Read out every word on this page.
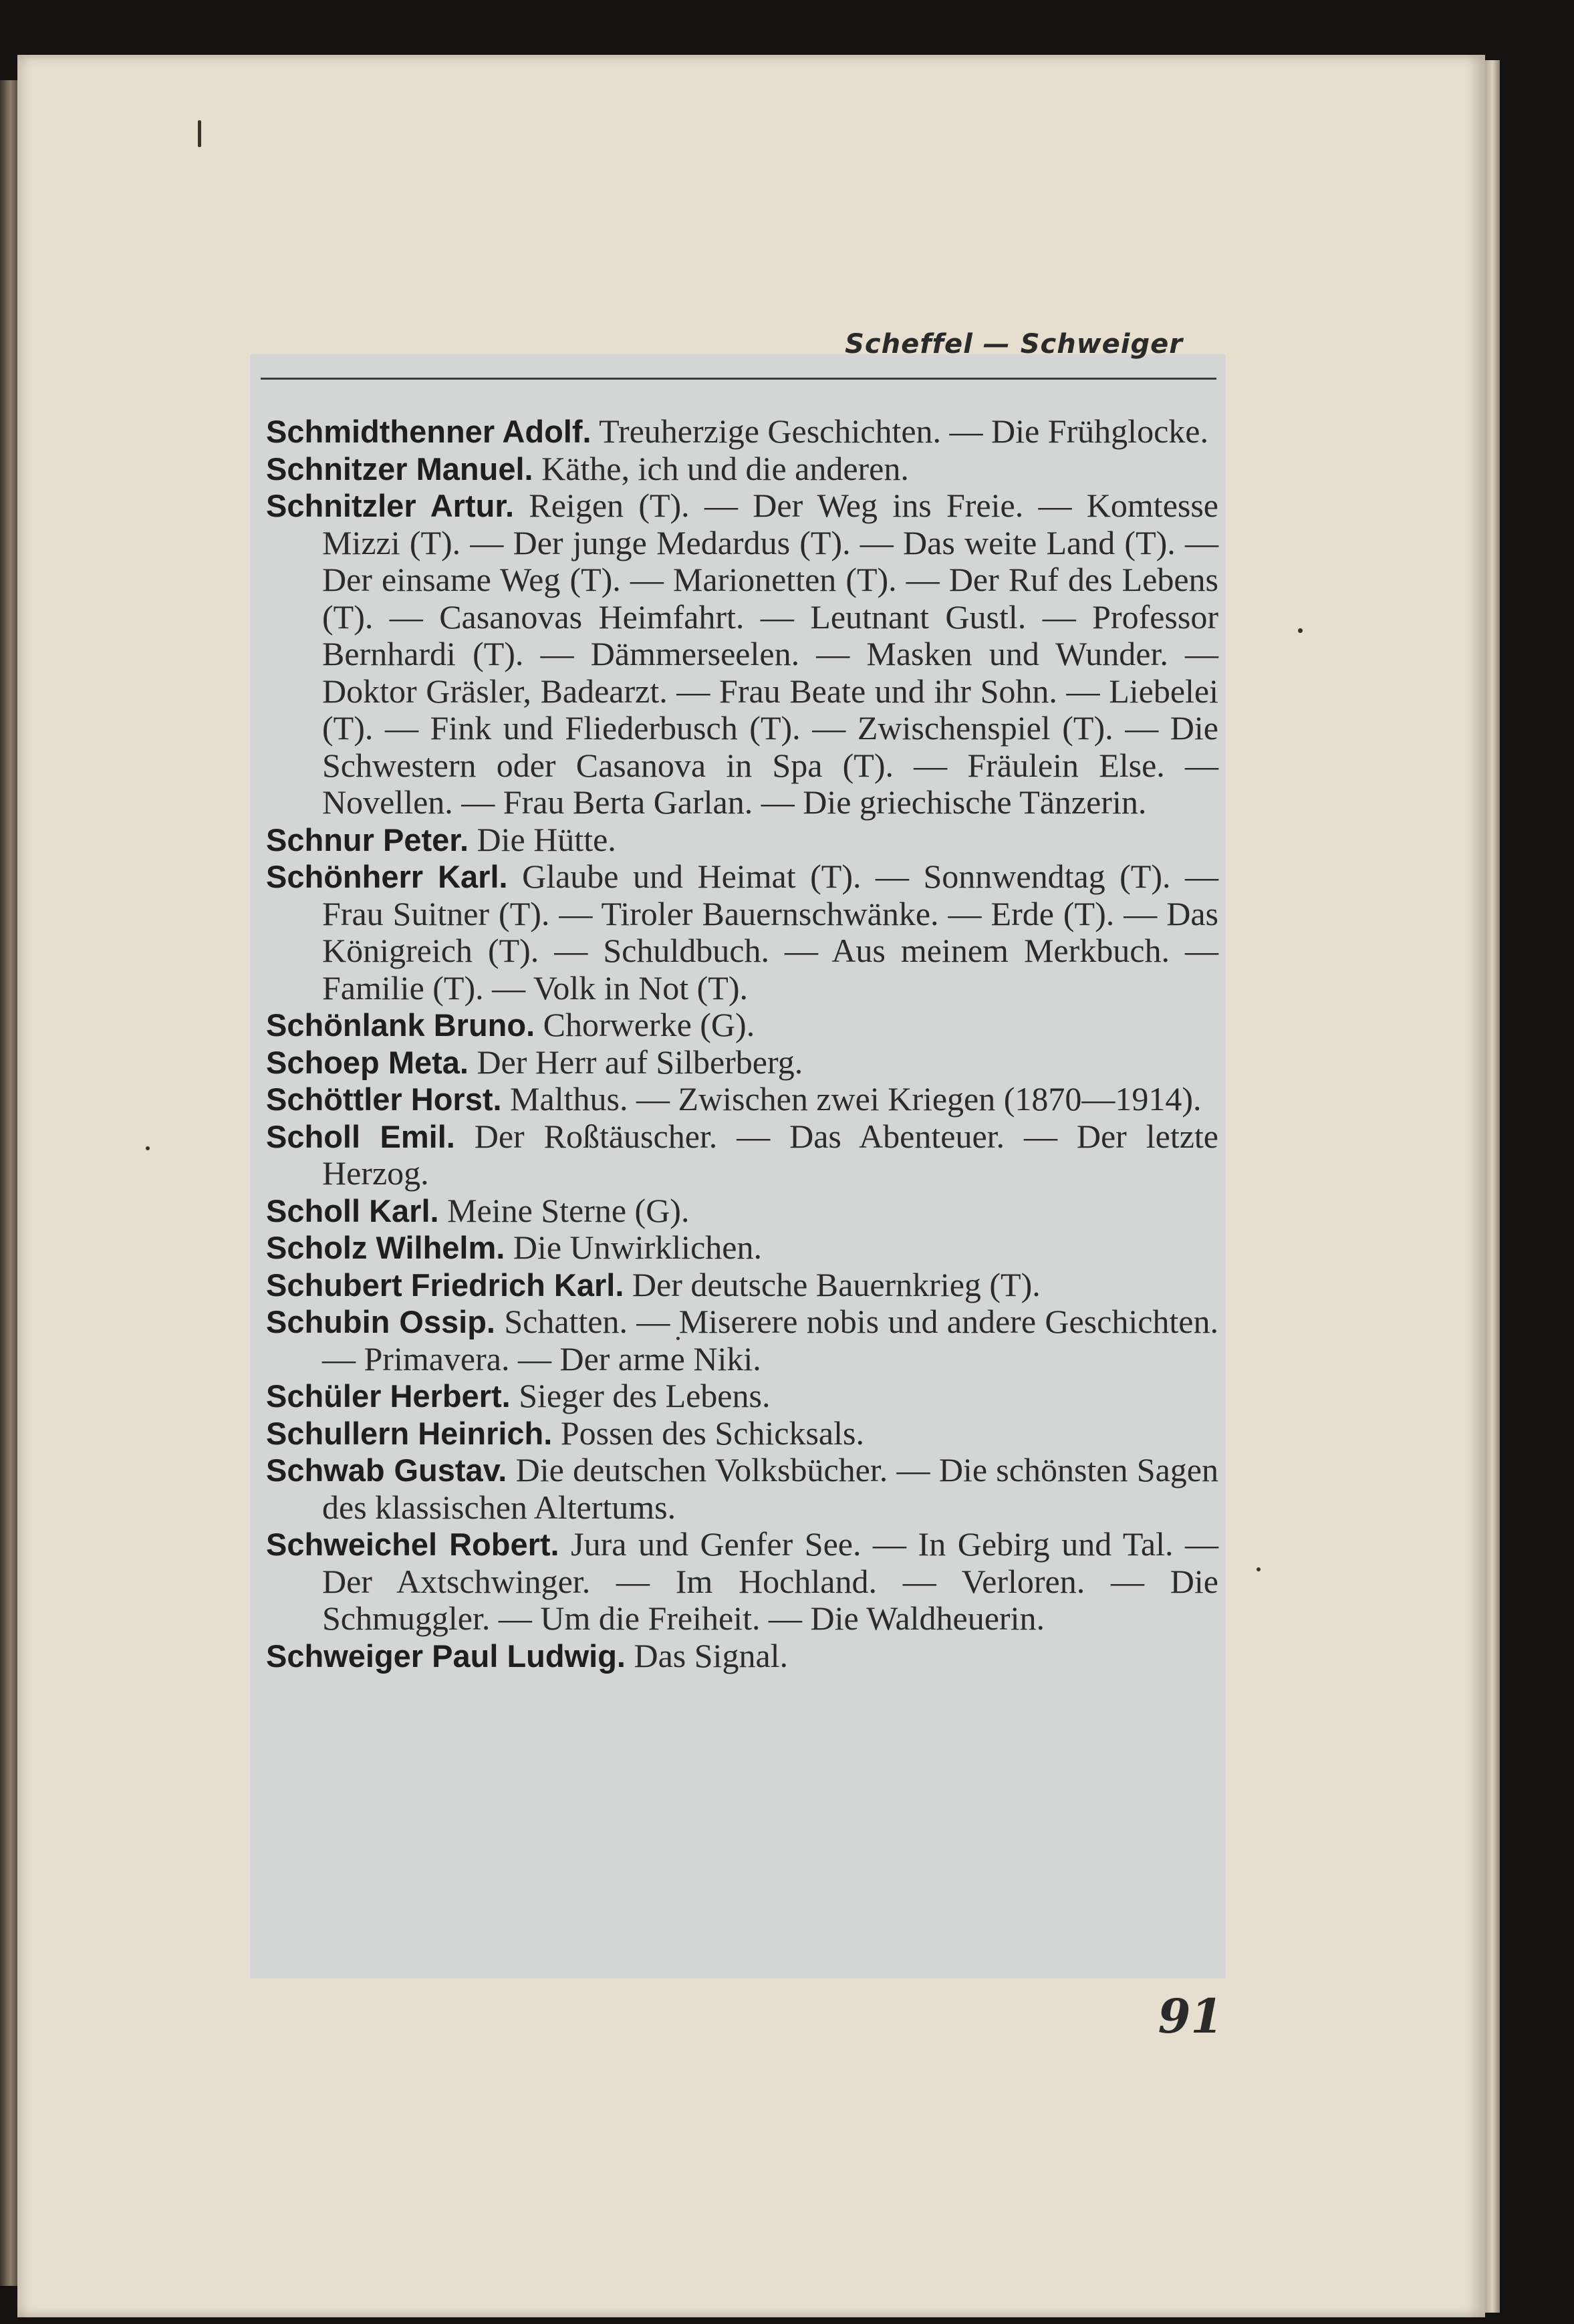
Scheffel — Schweiger

Schmidthenner Adolf. Treuherzige Geschichten. — Die Frühglocke.

Schnitzer Manuel. Käthe, ich und die anderen.

Schnitzler Artur. Reigen (T). — Der Weg ins Freie. — Komtesse Mizzi (T). — Der junge Medardus (T). — Das weite Land (T). — Der einsame Weg (T). — Marionetten (T). — Der Ruf des Lebens (T). — Casanovas Heimfahrt. — Leutnant Gustl. — Professor Bernhardi (T). — Dämmerseelen. — Masken und Wunder. — Doktor Gräsler, Badearzt. — Frau Beate und ihr Sohn. — Liebelei (T). — Fink und Fliederbusch (T). — Zwischenspiel (T). — Die Schwestern oder Casanova in Spa (T). — Fräulein Else. — Novellen. — Frau Berta Garlan. — Die griechische Tänzerin.

Schnur Peter. Die Hütte.

Schönherr Karl. Glaube und Heimat (T). — Sonnwendtag (T). — Frau Suitner (T). — Tiroler Bauernschwänke. — Erde (T). — Das Königreich (T). — Schuldbuch. — Aus meinem Merkbuch. — Familie (T). — Volk in Not (T).

Schönlank Bruno. Chorwerke (G).

Schoep Meta. Der Herr auf Silberberg.

Schöttler Horst. Malthus. — Zwischen zwei Kriegen (1870—1914).

Scholl Emil. Der Roßtäuscher. — Das Abenteuer. — Der letzte Herzog.

Scholl Karl. Meine Sterne (G).

Scholz Wilhelm. Die Unwirklichen.

Schubert Friedrich Karl. Der deutsche Bauernkrieg (T).

Schubin Ossip. Schatten. — Miserere nobis und andere Geschichten. — Primavera. — Der arme Niki.

Schüler Herbert. Sieger des Lebens.

Schullern Heinrich. Possen des Schicksals.

Schwab Gustav. Die deutschen Volksbücher. — Die schönsten Sagen des klassischen Altertums.

Schweichel Robert. Jura und Genfer See. — In Gebirg und Tal. — Der Axtschwinger. — Im Hochland. — Verloren. — Die Schmuggler. — Um die Freiheit. — Die Waldheuerin.

Schweiger Paul Ludwig. Das Signal.

91
